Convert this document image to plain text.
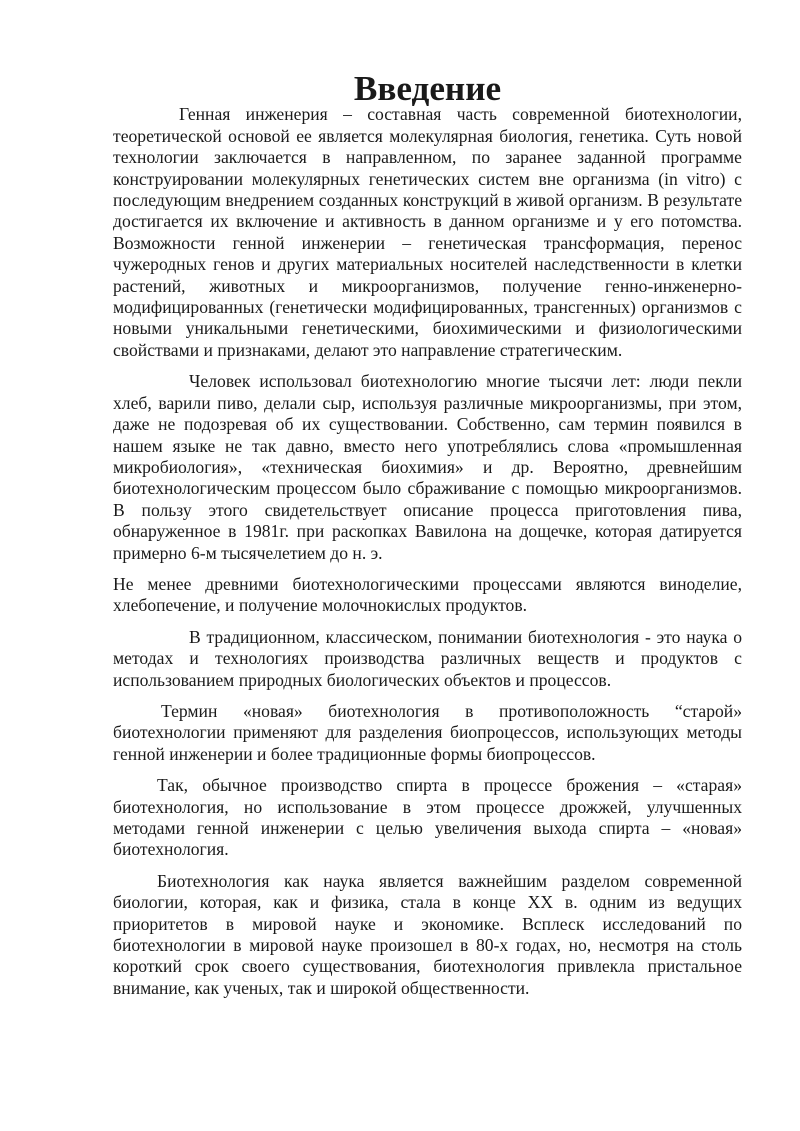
Введение

Генная инженерия – составная часть современной биотехнологии, теоретической основой ее является молекулярная биология, генетика. Суть новой технологии заключается в направленном, по заранее заданной программе конструировании молекулярных генетических систем вне организма (in vitro) с последующим внедрением созданных конструкций в живой организм. В результате достигается их включение и активность в данном организме и у его потомства. Возможности генной инженерии – генетическая трансформация, перенос чужеродных генов и других материальных носителей наследственности в клетки растений, животных и микроорганизмов, получение генно-инженерно-модифицированных (генетически модифицированных, трансгенных) организмов с новыми уникальными генетическими, биохимическими и физиологическими свойствами и признаками, делают это направление стратегическим.

Человек использовал биотехнологию многие тысячи лет: люди пекли хлеб, варили пиво, делали сыр, используя различные микроорганизмы, при этом, даже не подозревая об их существовании. Собственно, сам термин появился в нашем языке не так давно, вместо него употреблялись слова «промышленная микробиология», «техническая биохимия» и др. Вероятно, древнейшим биотехнологическим процессом было сбраживание с помощью микроорганизмов. В пользу этого свидетельствует описание процесса приготовления пива, обнаруженное в 1981г. при раскопках Вавилона на дощечке, которая датируется примерно 6-м тысячелетием до н. э.

Не менее древними биотехнологическими процессами являются виноделие, хлебопечение, и получение молочнокислых продуктов.

В традиционном, классическом, понимании биотехнология - это наука о методах и технологиях производства различных веществ и продуктов с использованием природных биологических объектов и процессов.

Термин «новая» биотехнология в противоположность “старой» биотехнологии применяют для разделения биопроцессов, использующих методы генной инженерии и более традиционные формы биопроцессов.

Так, обычное производство спирта в процессе брожения – «старая» биотехнология, но использование в этом процессе дрожжей, улучшенных методами генной инженерии с целью увеличения выхода спирта – «новая» биотехнология.

Биотехнология как наука является важнейшим разделом современной биологии, которая, как и физика, стала в конце XX в. одним из ведущих приоритетов в мировой науке и экономике. Всплеск исследований по биотехнологии в мировой науке произошел в 80-х годах, но, несмотря на столь короткий срок своего существования, биотехнология привлекла пристальное внимание, как ученых, так и широкой общественности.
